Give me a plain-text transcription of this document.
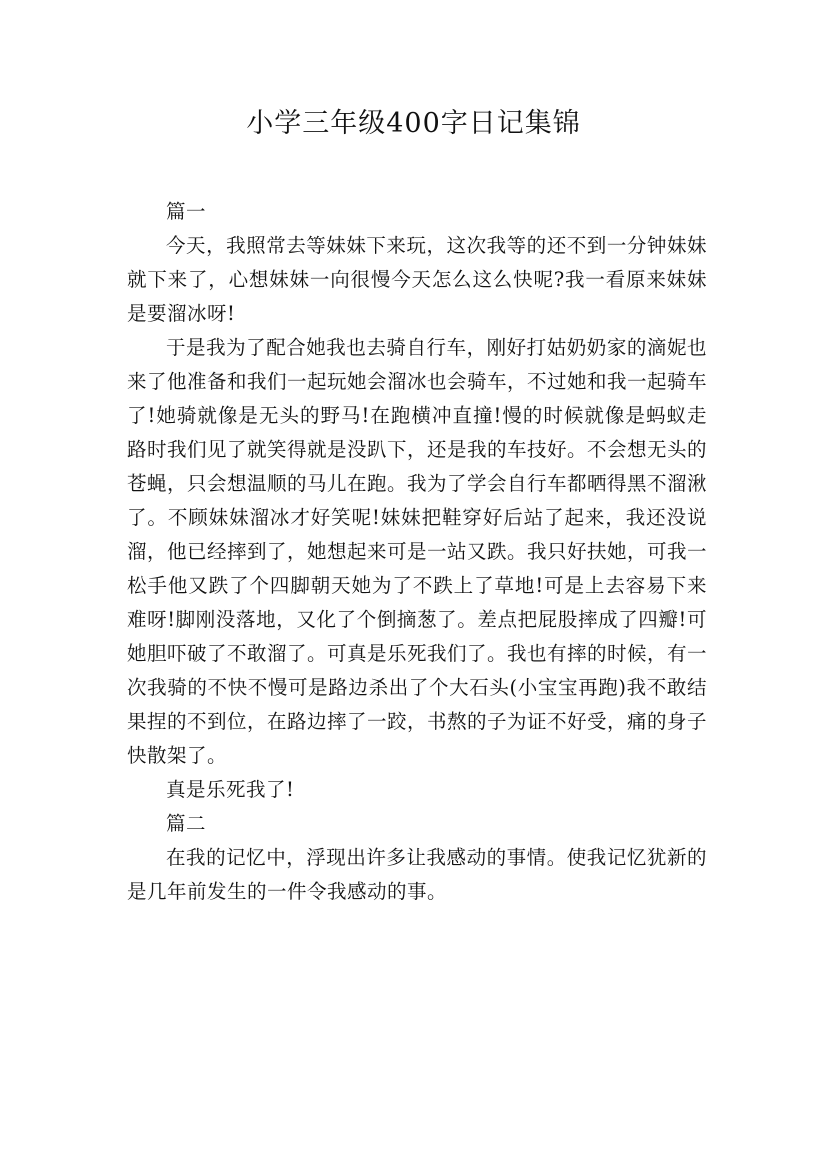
小学三年级400字日记集锦

篇一

今天，我照常去等妹妹下来玩，这次我等的还不到一分钟妹妹就下来了，心想妹妹一向很慢今天怎么这么快呢?我一看原来妹妹是要溜冰呀!

于是我为了配合她我也去骑自行车，刚好打姑奶奶家的滴妮也来了他准备和我们一起玩她会溜冰也会骑车，不过她和我一起骑车了!她骑就像是无头的野马!在跑横冲直撞!慢的时候就像是蚂蚁走路时我们见了就笑得就是没趴下，还是我的车技好。不会想无头的苍蝇，只会想温顺的马儿在跑。我为了学会自行车都晒得黑不溜湫了。不顾妹妹溜冰才好笑呢!妹妹把鞋穿好后站了起来，我还没说溜，他已经摔到了，她想起来可是一站又跌。我只好扶她，可我一松手他又跌了个四脚朝天她为了不跌上了草地!可是上去容易下来难呀!脚刚没落地，又化了个倒摘葱了。差点把屁股摔成了四瓣!可她胆吓破了不敢溜了。可真是乐死我们了。我也有摔的时候，有一次我骑的不快不慢可是路边杀出了个大石头(小宝宝再跑)我不敢结果捏的不到位，在路边摔了一跤，书熬的子为证不好受，痛的身子快散架了。

真是乐死我了!

篇二

在我的记忆中，浮现出许多让我感动的事情。使我记忆犹新的是几年前发生的一件令我感动的事。
